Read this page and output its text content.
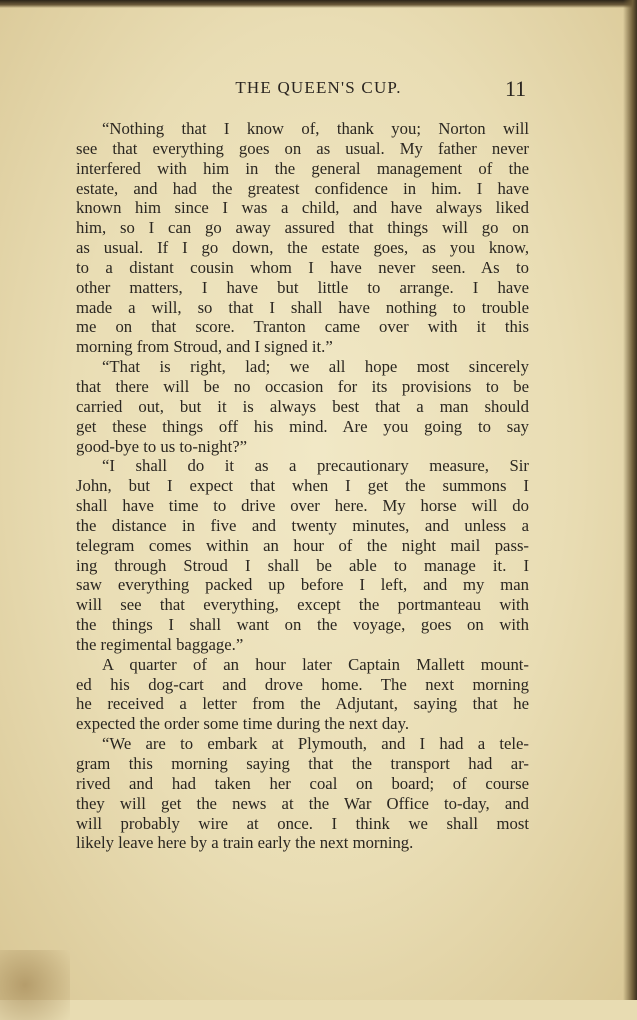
THE QUEEN'S CUP.	11
“Nothing that I know of, thank you; Norton will
see that everything goes on as usual. My father never
interfered with him in the general management of the
estate, and had the greatest confidence in him. I have
known him since I was a child, and have always liked
him, so I can go away assured that things will go on
as usual. If I go down, the estate goes, as you know,
to a distant cousin whom I have never seen. As to
other matters, I have but little to arrange. I have
made a will, so that I shall have nothing to trouble
me on that score. Tranton came over with it this
morning from Stroud, and I signed it.”
“That is right, lad; we all hope most sincerely
that there will be no occasion for its provisions to be
carried out, but it is always best that a man should
get these things off his mind. Are you going to say
good-bye to us to-night?”
“I shall do it as a precautionary measure, Sir
John, but I expect that when I get the summons I
shall have time to drive over here. My horse will do
the distance in five and twenty minutes, and unless a
telegram comes within an hour of the night mail pass-
ing through Stroud I shall be able to manage it. I
saw everything packed up before I left, and my man
will see that everything, except the portmanteau with
the things I shall want on the voyage, goes on with
the regimental baggage.”
A quarter of an hour later Captain Mallett mount-
ed his dog-cart and drove home. The next morning
he received a letter from the Adjutant, saying that he
expected the order some time during the next day.
“We are to embark at Plymouth, and I had a tele-
gram this morning saying that the transport had ar-
rived and had taken her coal on board; of course
they will get the news at the War Office to-day, and
will probably wire at once. I think we shall most
likely leave here by a train early the next morning.
